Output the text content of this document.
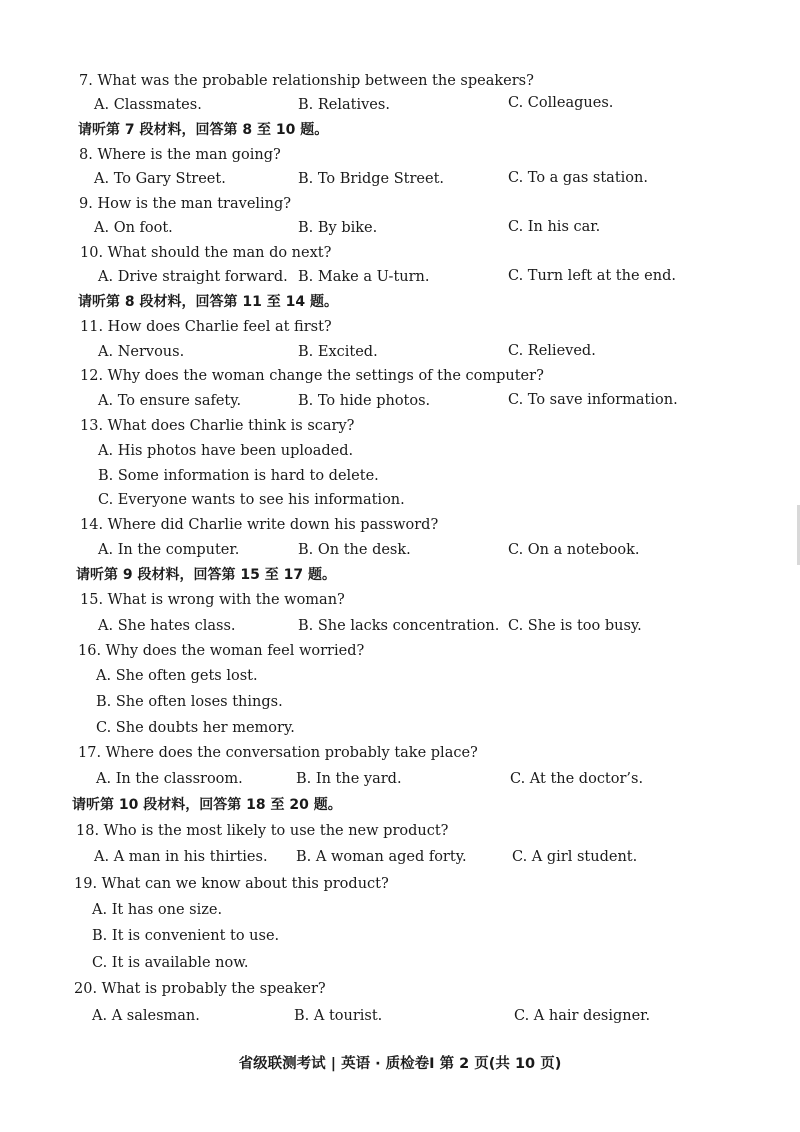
7. What was the probable relationship between the speakers?
A. Classmates.	B. Relatives.	C. Colleagues.
请听第 7 段材料，回答第 8 至 10 题。
8. Where is the man going?
A. To Gary Street.	B. To Bridge Street.	C. To a gas station.
9. How is the man traveling?
A. On foot.	B. By bike.	C. In his car.
10. What should the man do next?
A. Drive straight forward. B. Make a U-turn.	C. Turn left at the end.
请听第 8 段材料，回答第 11 至 14 题。
11. How does Charlie feel at first?
A. Nervous.	B. Excited.	C. Relieved.
12. Why does the woman change the settings of the computer?
A. To ensure safety.	B. To hide photos.	C. To save information.
13. What does Charlie think is scary?
A. His photos have been uploaded.
B. Some information is hard to delete.
C. Everyone wants to see his information.
14. Where did Charlie write down his password?
A. In the computer.	B. On the desk.	C. On a notebook.
请听第 9 段材料，回答第 15 至 17 题。
15. What is wrong with the woman?
A. She hates class.	B. She lacks concentration. C. She is too busy.
16. Why does the woman feel worried?
A. She often gets lost.
B. She often loses things.
C. She doubts her memory.
17. Where does the conversation probably take place?
A. In the classroom.	B. In the yard.	C. At the doctor’s.
请听第 10 段材料，回答第 18 至 20 题。
18. Who is the most likely to use the new product?
A. A man in his thirties. B. A woman aged forty.	C. A girl student.
19. What can we know about this product?
A. It has one size.
B. It is convenient to use.
C. It is available now.
20. What is probably the speaker?
A. A salesman.	B. A tourist.	C. A hair designer.
省级联测考试 | 英语 · 质检卷Ⅰ 第 2 页(共 10 页)
